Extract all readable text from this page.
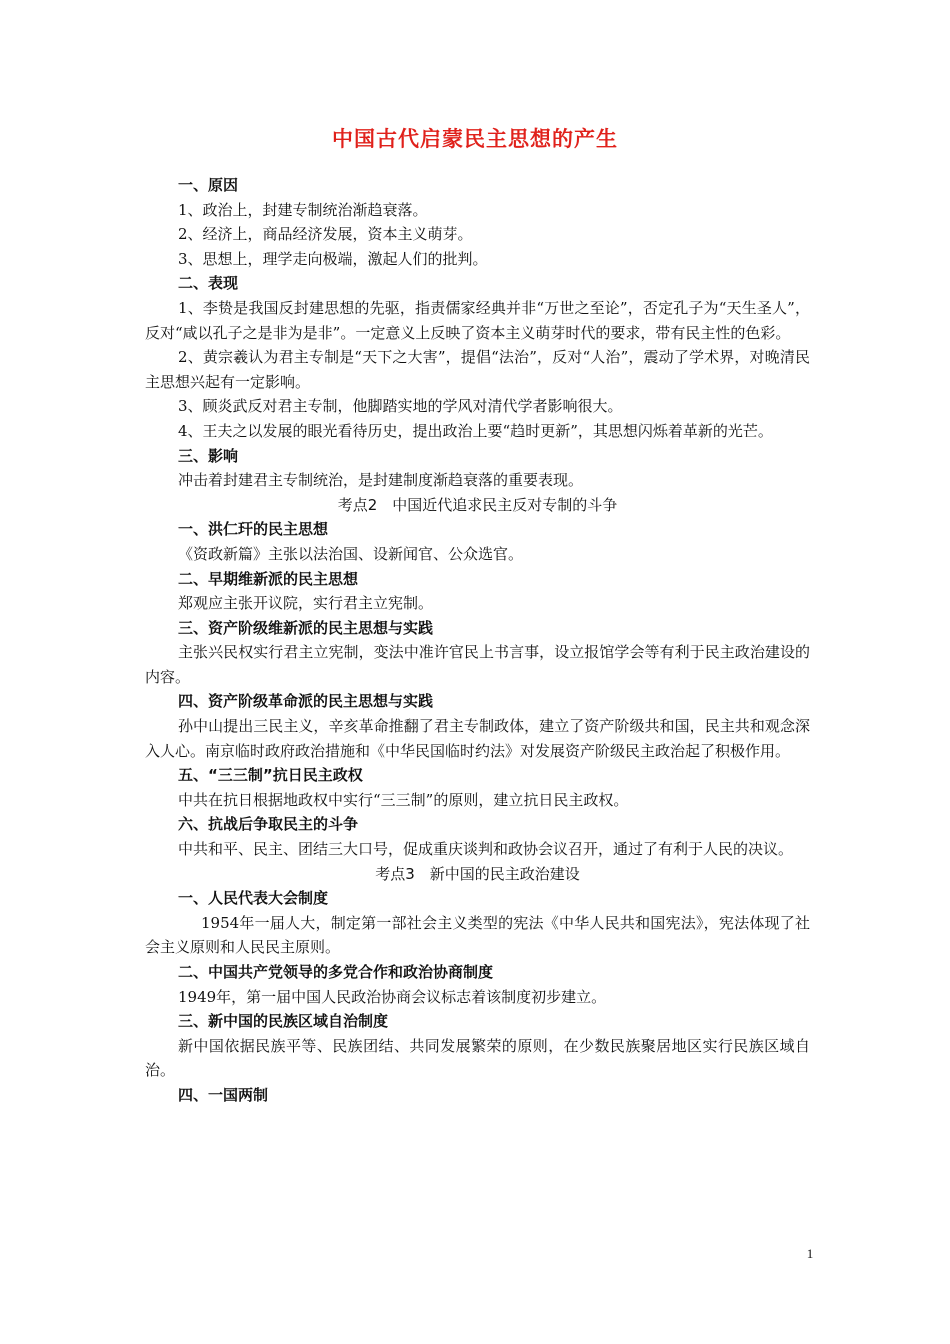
中国古代启蒙民主思想的产生

一、原因

1、政治上，封建专制统治渐趋衰落。

2、经济上，商品经济发展，资本主义萌芽。

3、思想上，理学走向极端，激起人们的批判。

二、表现

1、李贽是我国反封建思想的先驱，指责儒家经典并非“万世之至论”，否定孔子为“天生圣人”，反对“咸以孔子之是非为是非”。一定意义上反映了资本主义萌芽时代的要求，带有民主性的色彩。

2、黄宗羲认为君主专制是“天下之大害”，提倡“法治”，反对“人治”，震动了学术界，对晚清民主思想兴起有一定影响。

3、顾炎武反对君主专制，他脚踏实地的学风对清代学者影响很大。

4、王夫之以发展的眼光看待历史，提出政治上要“趋时更新”，其思想闪烁着革新的光芒。

三、影响

冲击着封建君主专制统治，是封建制度渐趋衰落的重要表现。

考点2　中国近代追求民主反对专制的斗争

一、洪仁玕的民主思想

《资政新篇》主张以法治国、设新闻官、公众选官。

二、早期维新派的民主思想

郑观应主张开议院，实行君主立宪制。

三、资产阶级维新派的民主思想与实践

主张兴民权实行君主立宪制，变法中准许官民上书言事，设立报馆学会等有利于民主政治建设的内容。

四、资产阶级革命派的民主思想与实践

孙中山提出三民主义，辛亥革命推翻了君主专制政体，建立了资产阶级共和国，民主共和观念深入人心。南京临时政府政治措施和《中华民国临时约法》对发展资产阶级民主政治起了积极作用。

五、“三三制”抗日民主政权

中共在抗日根据地政权中实行“三三制”的原则，建立抗日民主政权。

六、抗战后争取民主的斗争

中共和平、民主、团结三大口号，促成重庆谈判和政协会议召开，通过了有利于人民的决议。

考点3　新中国的民主政治建设

一、人民代表大会制度

1954年一届人大，制定第一部社会主义类型的宪法《中华人民共和国宪法》，宪法体现了社会主义原则和人民民主原则。

二、中国共产党领导的多党合作和政治协商制度

1949年，第一届中国人民政治协商会议标志着该制度初步建立。

三、新中国的民族区域自治制度

新中国依据民族平等、民族团结、共同发展繁荣的原则，在少数民族聚居地区实行民族区域自治。

四、一国两制

1
